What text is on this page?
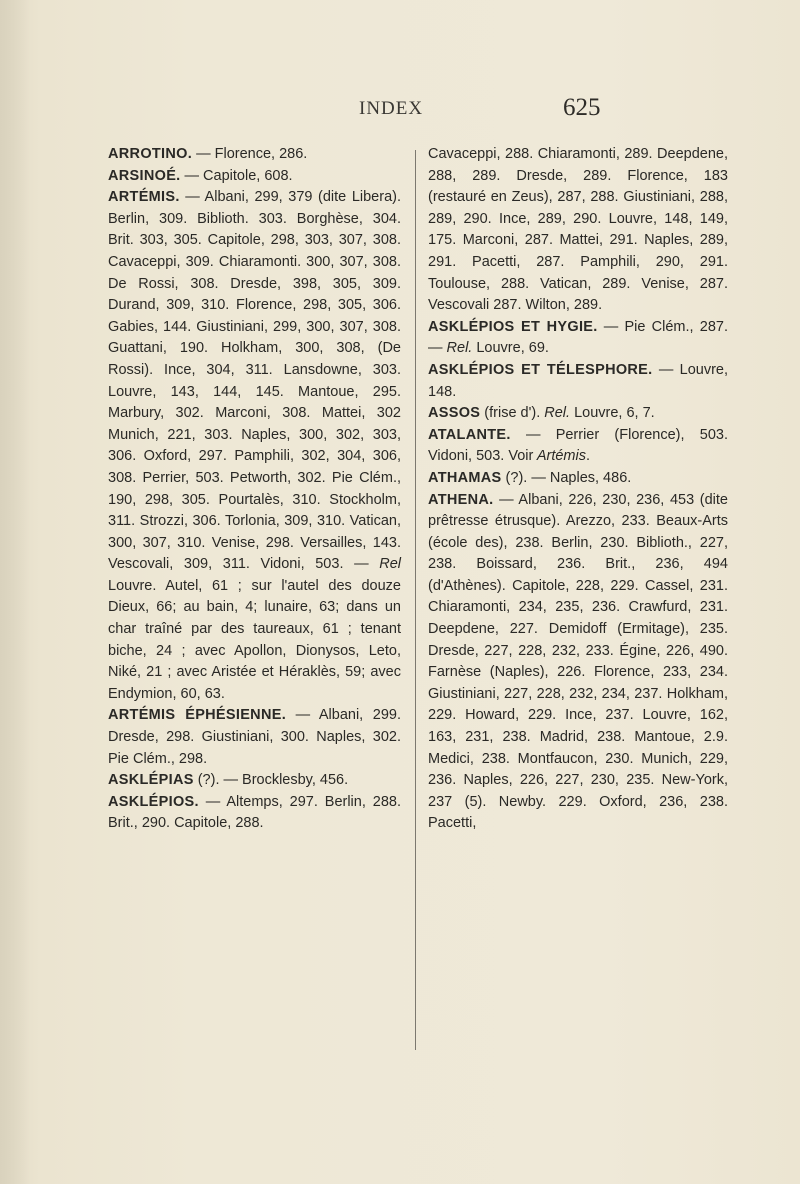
INDEX	625

ARROTINO. — Florence, 286.

ARSINOÉ. — Capitole, 608.

ARTÉMIS. — Albani, 299, 379 (dite Libera). Berlin, 309. Biblioth. 303. Borghèse, 304. Brit. 303, 305. Capitole, 298, 303, 307, 308. Cavaceppi, 309. Chiaramonti. 300, 307, 308. De Rossi, 308. Dresde, 398, 305, 309. Durand, 309, 310. Florence, 298, 305, 306. Gabies, 144. Giustiniani, 299, 300, 307, 308. Guattani, 190. Holkham, 300, 308, (De Rossi). Ince, 304, 311. Lansdowne, 303. Louvre, 143, 144, 145. Mantoue, 295. Marbury, 302. Marconi, 308. Mattei, 302 Munich, 221, 303. Naples, 300, 302, 303, 306. Oxford, 297. Pamphili, 302, 304, 306, 308. Perrier, 503. Petworth, 302. Pie Clém., 190, 298, 305. Pourtalès, 310. Stockholm, 311. Strozzi, 306. Torlonia, 309, 310. Vatican, 300, 307, 310. Venise, 298. Versailles, 143. Vescovali, 309, 311. Vidoni, 503. — Rel Louvre. Autel, 61 ; sur l'autel des douze Dieux, 66; au bain, 4; lunaire, 63; dans un char traîné par des taureaux, 61 ; tenant biche, 24 ; avec Apollon, Dionysos, Leto, Niké, 21 ; avec Aristée et Héraklès, 59; avec Endymion, 60, 63.

ARTÉMIS ÉPHÉSIENNE. — Albani, 299. Dresde, 298. Giustiniani, 300. Naples, 302. Pie Clém., 298.

ASKLÉPIAS (?). — Brocklesby, 456.

ASKLÉPIOS. — Altemps, 297. Berlin, 288. Brit., 290. Capitole, 288.

Cavaceppi, 288. Chiaramonti, 289. Deepdene, 288, 289. Dresde, 289. Florence, 183 (restauré en Zeus), 287, 288. Giustiniani, 288, 289, 290. Ince, 289, 290. Louvre, 148, 149, 175. Marconi, 287. Mattei, 291. Naples, 289, 291. Pacetti, 287. Pamphili, 290, 291. Toulouse, 288. Vatican, 289. Venise, 287. Vescovali 287. Wilton, 289.

ASKLÉPIOS ET HYGIE. — Pie Clém., 287. — Rel. Louvre, 69.

ASKLÉPIOS ET TÉLESPHORE. — Louvre, 148.

ASSOS (frise d'). Rel. Louvre, 6, 7.

ATALANTE. — Perrier (Florence), 503. Vidoni, 503. Voir Artémis.

ATHAMAS (?). — Naples, 486.

ATHENA. — Albani, 226, 230, 236, 453 (dite prêtresse étrusque). Arezzo, 233. Beaux-Arts (école des), 238. Berlin, 230. Biblioth., 227, 238. Boissard, 236. Brit., 236, 494 (d'Athènes). Capitole, 228, 229. Cassel, 231. Chiaramonti, 234, 235, 236. Crawfurd, 231. Deepdene, 227. Demidoff (Ermitage), 235. Dresde, 227, 228, 232, 233. Égine, 226, 490. Farnèse (Naples), 226. Florence, 233, 234. Giustiniani, 227, 228, 232, 234, 237. Holkham, 229. Howard, 229. Ince, 237. Louvre, 162, 163, 231, 238. Madrid, 238. Mantoue, 2.9. Medici, 238. Montfaucon, 230. Munich, 229, 236. Naples, 226, 227, 230, 235. New-York, 237 (5). Newby. 229. Oxford, 236, 238. Pacetti,
